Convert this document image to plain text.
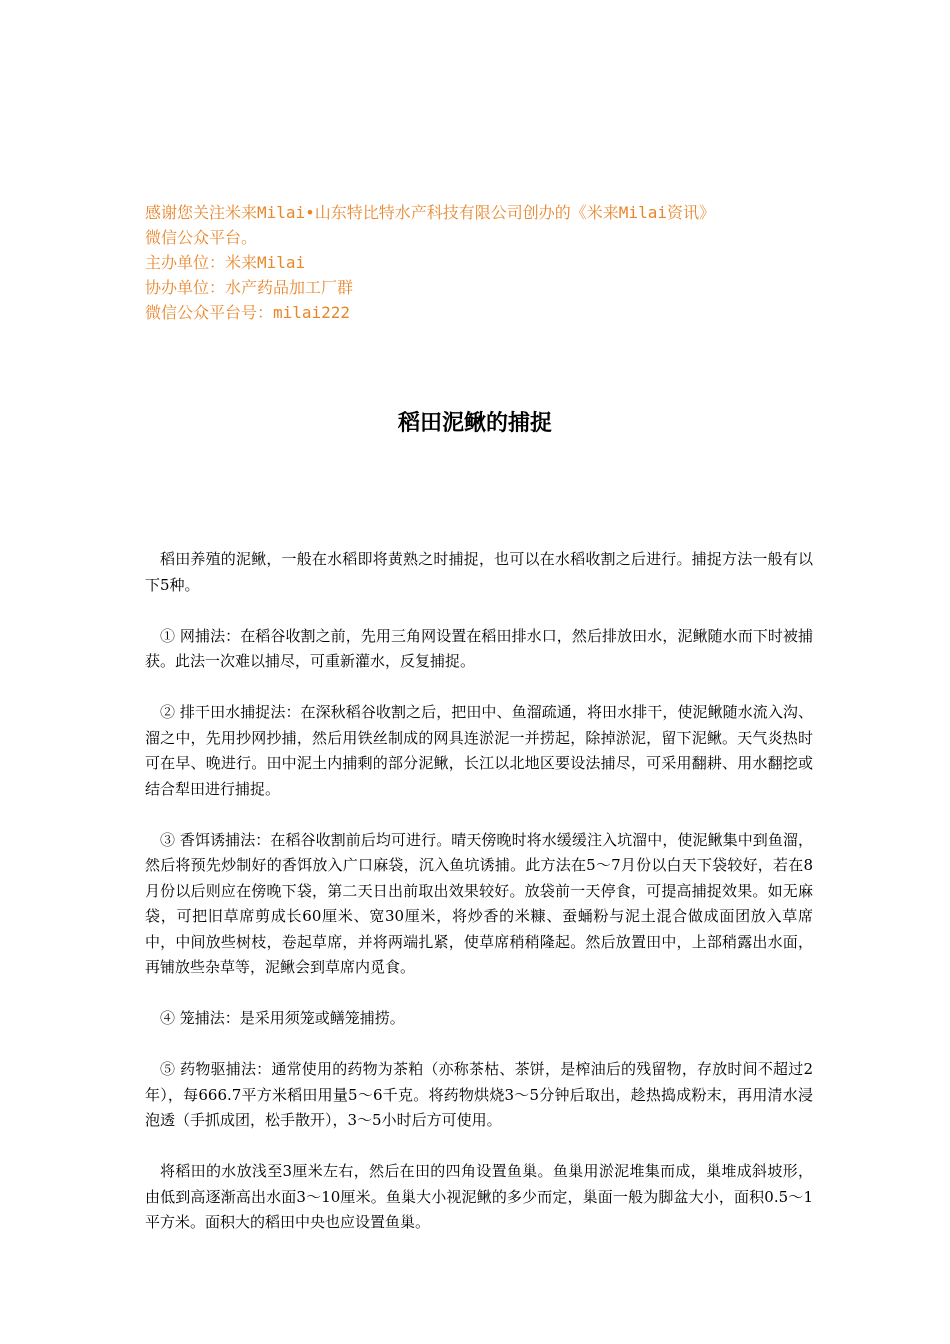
感谢您关注米来Milai•山东特比特水产科技有限公司创办的《米来Milai资讯》
微信公众平台。
主办单位：米来Milai
协办单位：水产药品加工厂群
微信公众平台号：milai222
稻田泥鳅的捕捉

稻田养殖的泥鳅，一般在水稻即将黄熟之时捕捉，也可以在水稻收割之后进行。捕捉方法一般有以下5种。

① 网捕法：在稻谷收割之前，先用三角网设置在稻田排水口，然后排放田水，泥鳅随水而下时被捕获。此法一次难以捕尽，可重新灌水，反复捕捉。

② 排干田水捕捉法：在深秋稻谷收割之后，把田中、鱼溜疏通，将田水排干，使泥鳅随水流入沟、溜之中，先用抄网抄捕，然后用铁丝制成的网具连淤泥一并捞起，除掉淤泥，留下泥鳅。天气炎热时可在早、晚进行。田中泥土内捕剩的部分泥鳅，长江以北地区要设法捕尽，可采用翻耕、用水翻挖或结合犁田进行捕捉。

③ 香饵诱捕法：在稻谷收割前后均可进行。晴天傍晚时将水缓缓注入坑溜中，使泥鳅集中到鱼溜，然后将预先炒制好的香饵放入广口麻袋，沉入鱼坑诱捕。此方法在5～7月份以白天下袋较好，若在8月份以后则应在傍晚下袋，第二天日出前取出效果较好。放袋前一天停食，可提高捕捉效果。如无麻袋，可把旧草席剪成长60厘米、宽30厘米，将炒香的米糠、蚕蛹粉与泥土混合做成面团放入草席中，中间放些树枝，卷起草席，并将两端扎紧，使草席稍稍隆起。然后放置田中，上部稍露出水面，再铺放些杂草等，泥鳅会到草席内觅食。

④ 笼捕法：是采用须笼或鳝笼捕捞。

⑤ 药物驱捕法：通常使用的药物为茶粕（亦称茶枯、茶饼，是榨油后的残留物，存放时间不超过2年），每666.7平方米稻田用量5～6千克。将药物烘烧3～5分钟后取出，趁热捣成粉末，再用清水浸泡透（手抓成团，松手散开），3～5小时后方可使用。

将稻田的水放浅至3厘米左右，然后在田的四角设置鱼巢。鱼巢用淤泥堆集而成，巢堆成斜坡形，由低到高逐渐高出水面3～10厘米。鱼巢大小视泥鳅的多少而定，巢面一般为脚盆大小，面积0.5～1平方米。面积大的稻田中央也应设置鱼巢。
